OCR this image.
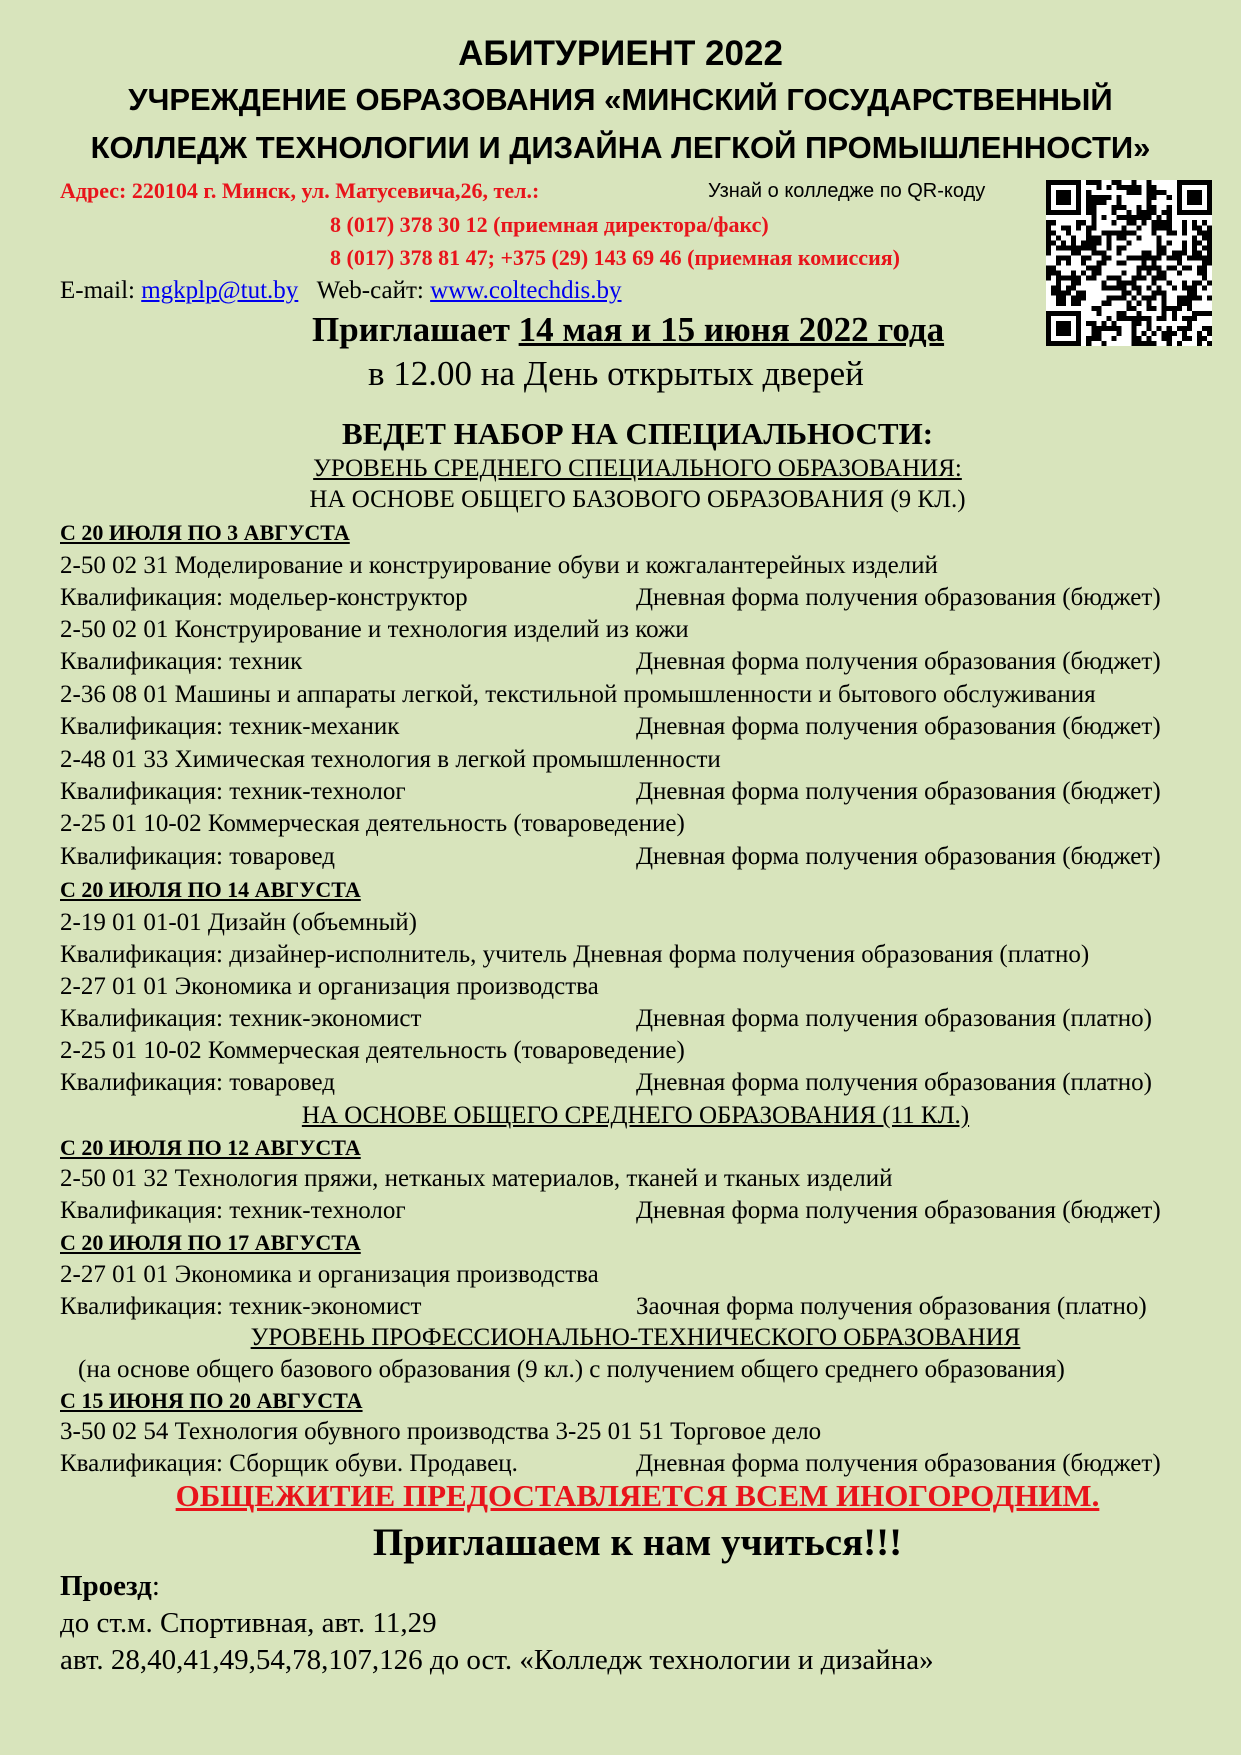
АБИТУРИЕНТ 2022
УЧРЕЖДЕНИЕ ОБРАЗОВАНИЯ «МИНСКИЙ ГОСУДАРСТВЕННЫЙ
КОЛЛЕДЖ ТЕХНОЛОГИИ И ДИЗАЙНА ЛЕГКОЙ ПРОМЫШЛЕННОСТИ»
Адрес: 220104 г. Минск, ул. Матусевича,26, тел.:	Узнай о колледже по QR-коду
8 (017) 378 30 12 (приемная директора/факс)
8 (017) 378 81 47; +375 (29) 143 69 46 (приемная комиссия)
E-mail: mgkplp@tut.by Web-сайт: www.coltechdis.by
Приглашает 14 мая и 15 июня 2022 года
в 12.00 на День открытых дверей
ВЕДЕТ НАБОР НА СПЕЦИАЛЬНОСТИ:
УРОВЕНЬ СРЕДНЕГО СПЕЦИАЛЬНОГО ОБРАЗОВАНИЯ:
НА ОСНОВЕ ОБЩЕГО БАЗОВОГО ОБРАЗОВАНИЯ (9 КЛ.)
С 20 ИЮЛЯ ПО 3 АВГУСТА
2-50 02 31 Моделирование и конструирование обуви и кожгалантерейных изделий
Квалификация: модельер-конструктор	Дневная форма получения образования (бюджет)
2-50 02 01 Конструирование и технология изделий из кожи
Квалификация: техник	Дневная форма получения образования (бюджет)
2-36 08 01 Машины и аппараты легкой, текстильной промышленности и бытового обслуживания
Квалификация: техник-механик	Дневная форма получения образования (бюджет)
2-48 01 33 Химическая технология в легкой промышленности
Квалификация: техник-технолог	Дневная форма получения образования (бюджет)
2-25 01 10-02 Коммерческая деятельность (товароведение)
Квалификация: товаровед	Дневная форма получения образования (бюджет)
С 20 ИЮЛЯ ПО 14 АВГУСТА
2-19 01 01-01 Дизайн (объемный)
Квалификация: дизайнер-исполнитель, учитель Дневная форма получения образования (платно)
2-27 01 01 Экономика и организация производства
Квалификация: техник-экономист	Дневная форма получения образования (платно)
2-25 01 10-02 Коммерческая деятельность (товароведение)
Квалификация: товаровед	Дневная форма получения образования (платно)
НА ОСНОВЕ ОБЩЕГО СРЕДНЕГО ОБРАЗОВАНИЯ (11 КЛ.)
С 20 ИЮЛЯ ПО 12 АВГУСТА
2-50 01 32 Технология пряжи, нетканых материалов, тканей и тканых изделий
Квалификация: техник-технолог	Дневная форма получения образования (бюджет)
С 20 ИЮЛЯ ПО 17 АВГУСТА
2-27 01 01 Экономика и организация производства
Квалификация: техник-экономист	Заочная форма получения образования (платно)
УРОВЕНЬ ПРОФЕССИОНАЛЬНО-ТЕХНИЧЕСКОГО ОБРАЗОВАНИЯ
(на основе общего базового образования (9 кл.) с получением общего среднего образования)
С 15 ИЮНЯ ПО 20 АВГУСТА
3-50 02 54 Технология обувного производства 3-25 01 51 Торговое дело
Квалификация: Сборщик обуви. Продавец.	Дневная форма получения образования (бюджет)
ОБЩЕЖИТИЕ ПРЕДОСТАВЛЯЕТСЯ ВСЕМ ИНОГОРОДНИМ.
Приглашаем к нам учиться!!!
Проезд:
до ст.м. Спортивная, авт. 11,29
авт. 28,40,41,49,54,78,107,126 до ост. «Колледж технологии и дизайна»
